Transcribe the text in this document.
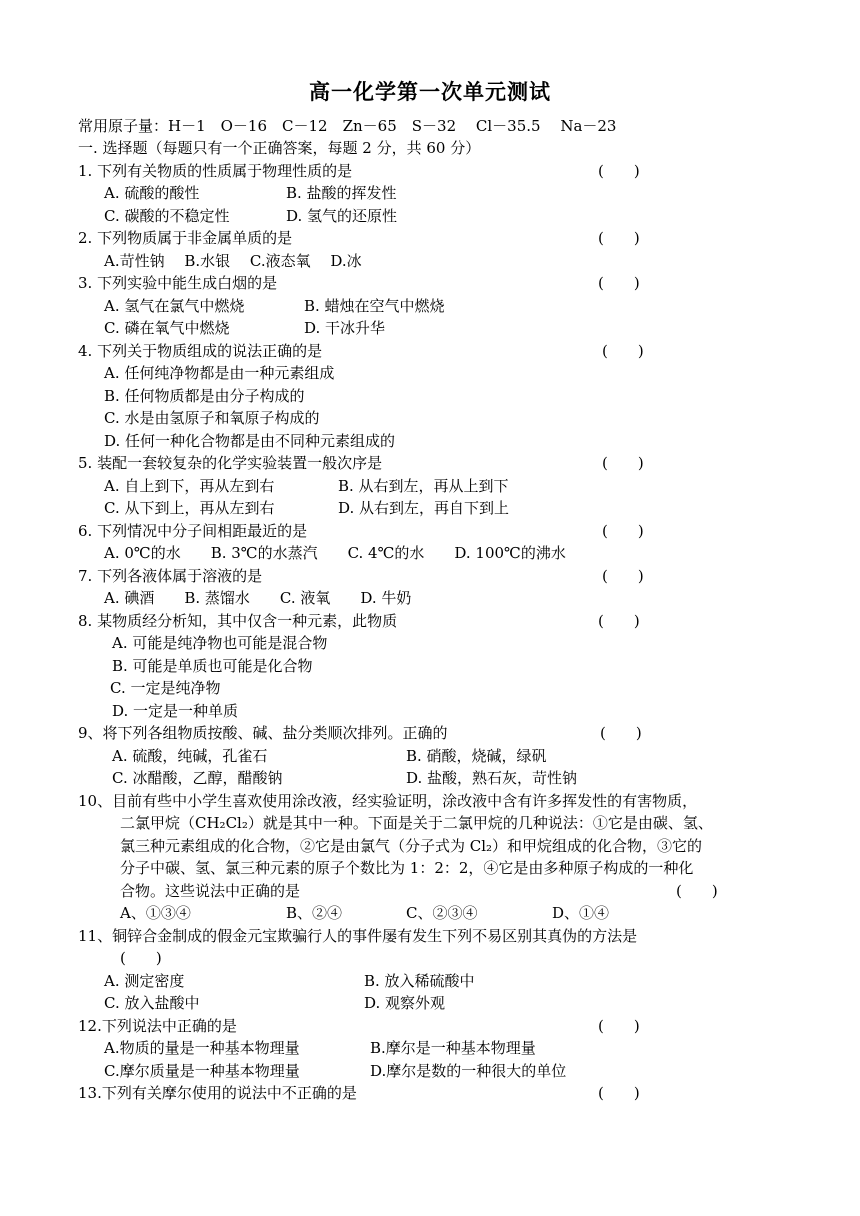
高一化学第一次单元测试
常用原子量：H－1　O－16　C－12　Zn－65　S－32　 Cl－35.5　 Na－23
一. 选择题（每题只有一个正确答案，每题 2 分，共 60 分）
1. 下列有关物质的性质属于物理性质的是	(　　)
A. 硫酸的酸性	B. 盐酸的挥发性
C. 碳酸的不稳定性	D. 氢气的还原性
2. 下列物质属于非金属单质的是	(　　)
A.苛性钠　 B.水银　 C.液态氧　 D.冰
3. 下列实验中能生成白烟的是	(　　)
A. 氢气在氯气中燃烧	B. 蜡烛在空气中燃烧
C. 磷在氧气中燃烧	D. 干冰升华
4. 下列关于物质组成的说法正确的是	(　　)
A. 任何纯净物都是由一种元素组成
B. 任何物质都是由分子构成的
C. 水是由氢原子和氧原子构成的
D. 任何一种化合物都是由不同种元素组成的
5. 装配一套较复杂的化学实验装置一般次序是	(　　)
A. 自上到下，再从左到右	B. 从右到左，再从上到下
C. 从下到上，再从左到右	D. 从右到左，再自下到上
6. 下列情况中分子间相距最近的是	(　　)
A. 0℃的水　　B. 3℃的水蒸汽　　C. 4℃的水　　D. 100℃的沸水
7. 下列各液体属于溶液的是	(　　)
A. 碘酒　　B. 蒸馏水　　C. 液氧　　D. 牛奶
8. 某物质经分析知，其中仅含一种元素，此物质	(　　)
A. 可能是纯净物也可能是混合物
B. 可能是单质也可能是化合物
C. 一定是纯净物
D. 一定是一种单质
9、将下列各组物质按酸、碱、盐分类顺次排列。正确的	(　　)
A. 硫酸，纯碱，孔雀石	B. 硝酸，烧碱，绿矾
C. 冰醋酸，乙醇，醋酸钠	D. 盐酸，熟石灰，苛性钠
10、目前有些中小学生喜欢使用涂改液，经实验证明，涂改液中含有许多挥发性的有害物质，
二氯甲烷（CH₂Cl₂）就是其中一种。下面是关于二氯甲烷的几种说法：①它是由碳、氢、
氯三种元素组成的化合物，②它是由氯气（分子式为 Cl₂）和甲烷组成的化合物，③它的
分子中碳、氢、氯三种元素的原子个数比为 1：2：2，④它是由多种原子构成的一种化
合物。这些说法中正确的是	(　　)
A、①③④	B、②④	C、②③④	D、①④
11、铜锌合金制成的假金元宝欺骗行人的事件屡有发生下列不易区别其真伪的方法是
(　　)
A. 测定密度	B. 放入稀硫酸中
C. 放入盐酸中	D. 观察外观
12.下列说法中正确的是	(　　)
A.物质的量是一种基本物理量	B.摩尔是一种基本物理量
C.摩尔质量是一种基本物理量	D.摩尔是数的一种很大的单位
13.下列有关摩尔使用的说法中不正确的是	(　　)
